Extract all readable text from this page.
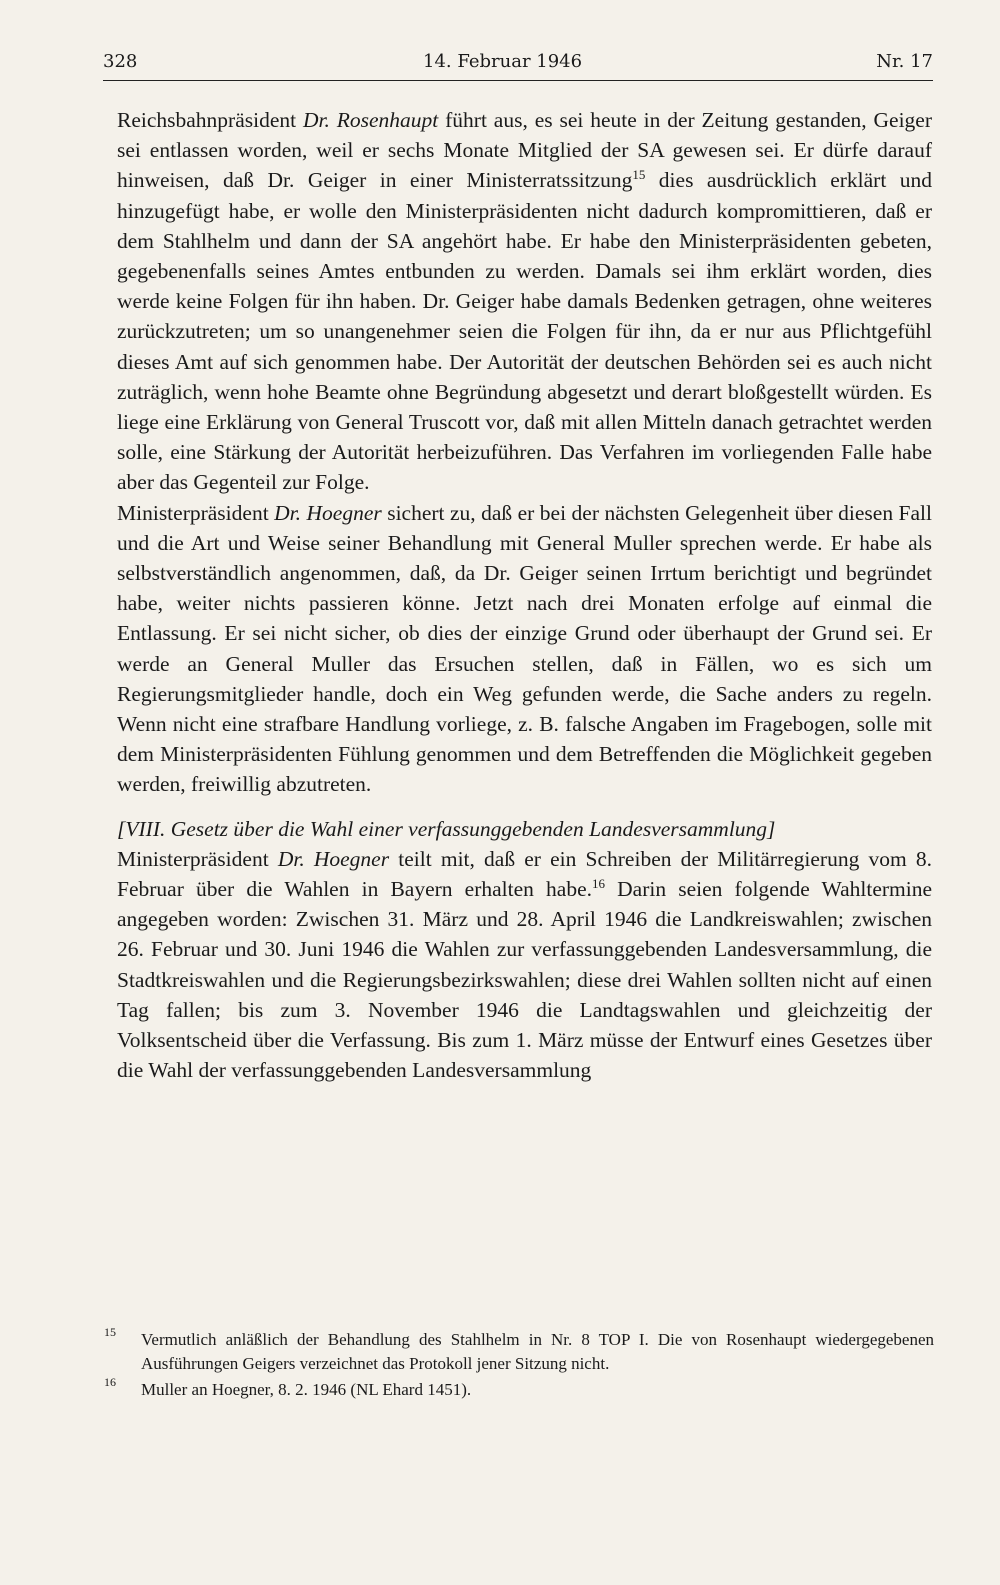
328	14. Februar 1946	Nr. 17

Reichsbahnpräsident Dr. Rosenhaupt führt aus, es sei heute in der Zeitung gestanden, Geiger sei entlassen worden, weil er sechs Monate Mitglied der SA gewesen sei. Er dürfe darauf hinweisen, daß Dr. Geiger in einer Ministerratssitzung$^{15}$ dies ausdrücklich erklärt und hinzugefügt habe, er wolle den Ministerpräsidenten nicht dadurch kompromittieren, daß er dem Stahlhelm und dann der SA angehört habe. Er habe den Ministerpräsidenten gebeten, gegebenenfalls seines Amtes entbunden zu werden. Damals sei ihm erklärt worden, dies werde keine Folgen für ihn haben. Dr. Geiger habe damals Bedenken getragen, ohne weiteres zurückzutreten; um so unangenehmer seien die Folgen für ihn, da er nur aus Pflichtgefühl dieses Amt auf sich genommen habe. Der Autorität der deutschen Behörden sei es auch nicht zuträglich, wenn hohe Beamte ohne Begründung abgesetzt und derart bloßgestellt würden. Es liege eine Erklärung von General Truscott vor, daß mit allen Mitteln danach getrachtet werden solle, eine Stärkung der Autorität herbeizuführen. Das Verfahren im vorliegenden Falle habe aber das Gegenteil zur Folge.

Ministerpräsident Dr. Hoegner sichert zu, daß er bei der nächsten Gelegenheit über diesen Fall und die Art und Weise seiner Behandlung mit General Muller sprechen werde. Er habe als selbstverständlich angenommen, daß, da Dr. Geiger seinen Irrtum berichtigt und begründet habe, weiter nichts passieren könne. Jetzt nach drei Monaten erfolge auf einmal die Entlassung. Er sei nicht sicher, ob dies der einzige Grund oder überhaupt der Grund sei. Er werde an General Muller das Ersuchen stellen, daß in Fällen, wo es sich um Regierungsmitglieder handle, doch ein Weg gefunden werde, die Sache anders zu regeln. Wenn nicht eine strafbare Handlung vorliege, z. B. falsche Angaben im Fragebogen, solle mit dem Ministerpräsidenten Fühlung genommen und dem Betreffenden die Möglichkeit gegeben werden, freiwillig abzutreten.

[VIII. Gesetz über die Wahl einer verfassunggebenden Landesversammlung]

Ministerpräsident Dr. Hoegner teilt mit, daß er ein Schreiben der Militärregierung vom 8. Februar über die Wahlen in Bayern erhalten habe.$^{16}$ Darin seien folgende Wahltermine angegeben worden: Zwischen 31. März und 28. April 1946 die Landkreiswahlen; zwischen 26. Februar und 30. Juni 1946 die Wahlen zur verfassunggebenden Landesversammlung, die Stadtkreiswahlen und die Regierungsbezirkswahlen; diese drei Wahlen sollten nicht auf einen Tag fallen; bis zum 3. November 1946 die Landtagswahlen und gleichzeitig der Volksentscheid über die Verfassung. Bis zum 1. März müsse der Entwurf eines Gesetzes über die Wahl der verfassunggebenden Landesversammlung

15 Vermutlich anläßlich der Behandlung des Stahlhelm in Nr. 8 TOP I. Die von Rosenhaupt wiedergegebenen Ausführungen Geigers verzeichnet das Protokoll jener Sitzung nicht.

16 Muller an Hoegner, 8. 2. 1946 (NL Ehard 1451).
